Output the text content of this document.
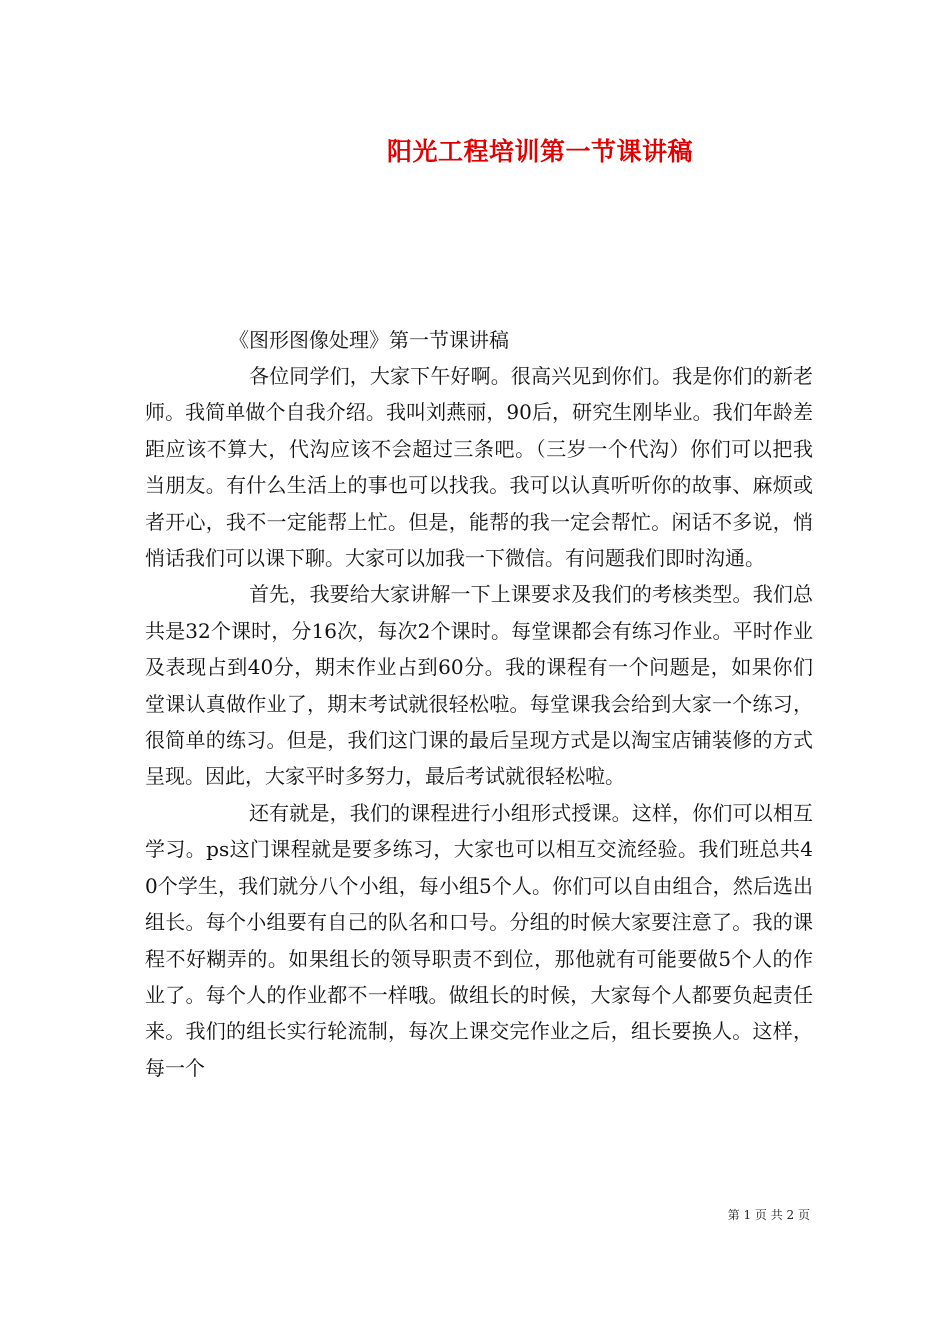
阳光工程培训第一节课讲稿
《图形图像处理》第一节课讲稿

各位同学们，大家下午好啊。很高兴见到你们。我是你们的新老师。我简单做个自我介绍。我叫刘燕丽，90后，研究生刚毕业。我们年龄差距应该不算大，代沟应该不会超过三条吧。（三岁一个代沟）你们可以把我当朋友。有什么生活上的事也可以找我。我可以认真听听你的故事、麻烦或者开心，我不一定能帮上忙。但是，能帮的我一定会帮忙。闲话不多说，悄悄话我们可以课下聊。大家可以加我一下微信。有问题我们即时沟通。

首先，我要给大家讲解一下上课要求及我们的考核类型。我们总共是32个课时，分16次，每次2个课时。每堂课都会有练习作业。平时作业及表现占到40分，期末作业占到60分。我的课程有一个问题是，如果你们堂课认真做作业了，期末考试就很轻松啦。每堂课我会给到大家一个练习，很简单的练习。但是，我们这门课的最后呈现方式是以淘宝店铺装修的方式呈现。因此，大家平时多努力，最后考试就很轻松啦。

还有就是，我们的课程进行小组形式授课。这样，你们可以相互学习。ps这门课程就是要多练习，大家也可以相互交流经验。我们班总共40个学生，我们就分八个小组，每小组5个人。你们可以自由组合，然后选出组长。每个小组要有自己的队名和口号。分组的时候大家要注意了。我的课程不好糊弄的。如果组长的领导职责不到位，那他就有可能要做5个人的作业了。每个人的作业都不一样哦。做组长的时候，大家每个人都要负起责任来。我们的组长实行轮流制，每次上课交完作业之后，组长要换人。这样，每一个

第 1 页 共 2 页
